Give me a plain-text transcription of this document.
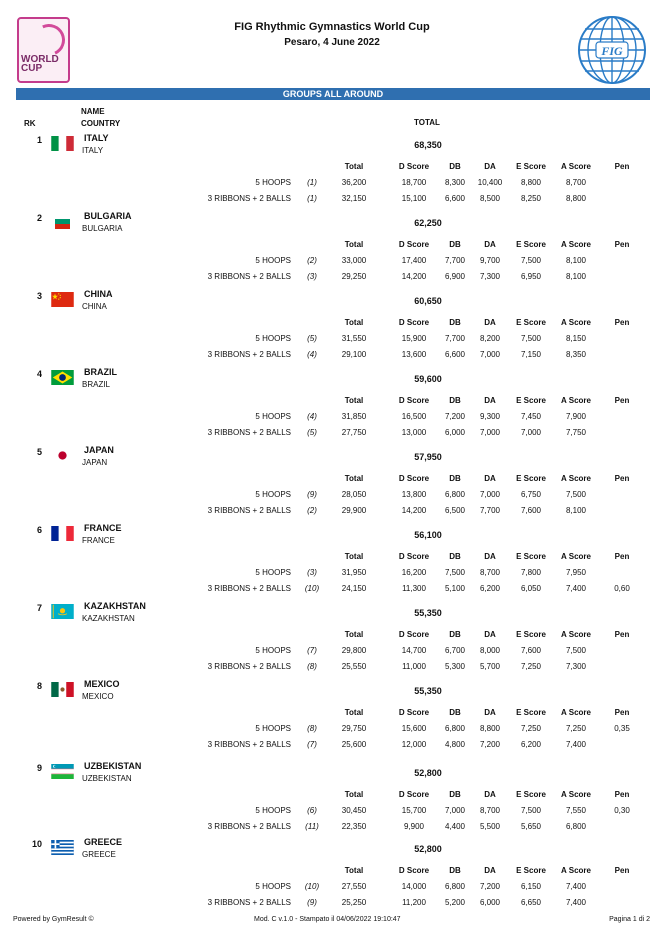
WORLD CUP
FIG Rhythmic Gymnastics World Cup
Pesaro, 4 June 2022
FIG
GROUPS ALL AROUND
RK
NAME
COUNTRY	TOTAL
1	ITALY
ITALY
68,350
Total	D Score	DB	DA	E Score	A Score	Pen
5 HOOPS	(1)	36,200	18,700	8,300	10,400	8,800	8,700
3 RIBBONS + 2 BALLS	(1)	32,150	15,100	6,600	8,500	8,250	8,800
2	BULGARIA
BULGARIA
62,250
Total	D Score	DB	DA	E Score	A Score	Pen
5 HOOPS	(2)	33,000	17,400	7,700	9,700	7,500	8,100
3 RIBBONS + 2 BALLS	(3)	29,250	14,200	6,900	7,300	6,950	8,100
3	CHINA
CHINA
60,650
Total	D Score	DB	DA	E Score	A Score	Pen
5 HOOPS	(5)	31,550	15,900	7,700	8,200	7,500	8,150
3 RIBBONS + 2 BALLS	(4)	29,100	13,600	6,600	7,000	7,150	8,350
4	BRAZIL
BRAZIL
59,600
Total	D Score	DB	DA	E Score	A Score	Pen
5 HOOPS	(4)	31,850	16,500	7,200	9,300	7,450	7,900
3 RIBBONS + 2 BALLS	(5)	27,750	13,000	6,000	7,000	7,000	7,750
5	JAPAN
JAPAN
57,950
Total	D Score	DB	DA	E Score	A Score	Pen
5 HOOPS	(9)	28,050	13,800	6,800	7,000	6,750	7,500
3 RIBBONS + 2 BALLS	(2)	29,900	14,200	6,500	7,700	7,600	8,100
6	FRANCE
FRANCE
56,100
Total	D Score	DB	DA	E Score	A Score	Pen
5 HOOPS	(3)	31,950	16,200	7,500	8,700	7,800	7,950
3 RIBBONS + 2 BALLS (10)	24,150	11,300	5,100	6,200	6,050	7,400	0,60
7	KAZAKHSTAN
KAZAKHSTAN
55,350
Total	D Score	DB	DA	E Score	A Score	Pen
5 HOOPS	(7)	29,800	14,700	6,700	8,000	7,600	7,500
3 RIBBONS + 2 BALLS	(8)	25,550	11,000	5,300	5,700	7,250	7,300
8	MEXICO
MEXICO
55,350
Total	D Score	DB	DA	E Score	A Score	Pen
5 HOOPS	(8)	29,750	15,600	6,800	8,800	7,250	7,250	0,35
3 RIBBONS + 2 BALLS	(7)	25,600	12,000	4,800	7,200	6,200	7,400
9	UZBEKISTAN
UZBEKISTAN
52,800
Total	D Score	DB	DA	E Score	A Score	Pen
5 HOOPS	(6)	30,450	15,700	7,000	8,700	7,500	7,550	0,30
3 RIBBONS + 2 BALLS (11)	22,350	9,900	4,400	5,500	5,650	6,800
10	GREECE
GREECE
52,800
Total	D Score	DB	DA	E Score	A Score	Pen
5 HOOPS (10)	27,550	14,000	6,800	7,200	6,150	7,400
3 RIBBONS + 2 BALLS	(9)	25,250	11,200	5,200	6,000	6,650	7,400
Powered by GymResult ©	Mod. C v.1.0 - Stampato il 04/06/2022 19:10:47	Pagina 1 di 2
